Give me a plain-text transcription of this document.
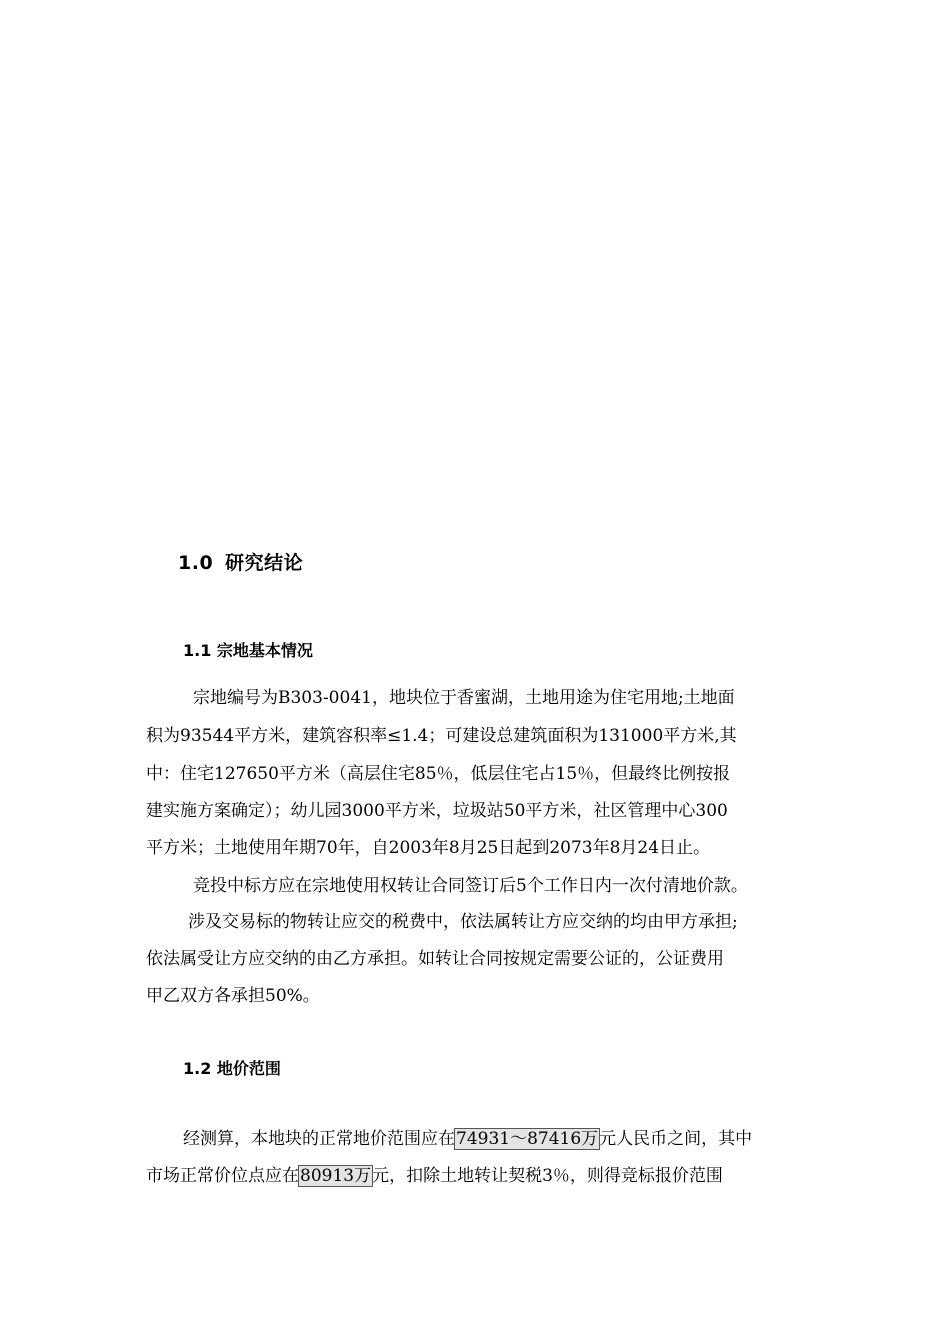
1.0 研究结论
1.1 宗地基本情况
宗地编号为B303-0041，地块位于香蜜湖，土地用途为住宅用地;土地面
积为93544平方米，建筑容积率≤1.4；可建设总建筑面积为131000平方米,其
中：住宅127650平方米（高层住宅85％，低层住宅占15％，但最终比例按报
建实施方案确定）；幼儿园3000平方米，垃圾站50平方米，社区管理中心300
平方米；土地使用年期70年，自2003年8月25日起到2073年8月24日止。
竞投中标方应在宗地使用权转让合同签订后5个工作日内一次付清地价款。
涉及交易标的物转让应交的税费中，依法属转让方应交纳的均由甲方承担;
依法属受让方应交纳的由乙方承担。如转让合同按规定需要公证的，公证费用
甲乙双方各承担50%。
1.2 地价范围
经测算，本地块的正常地价范围应在74931～87416万元人民币之间，其中
市场正常价位点应在80913万元，扣除土地转让契税3％，则得竞标报价范围
